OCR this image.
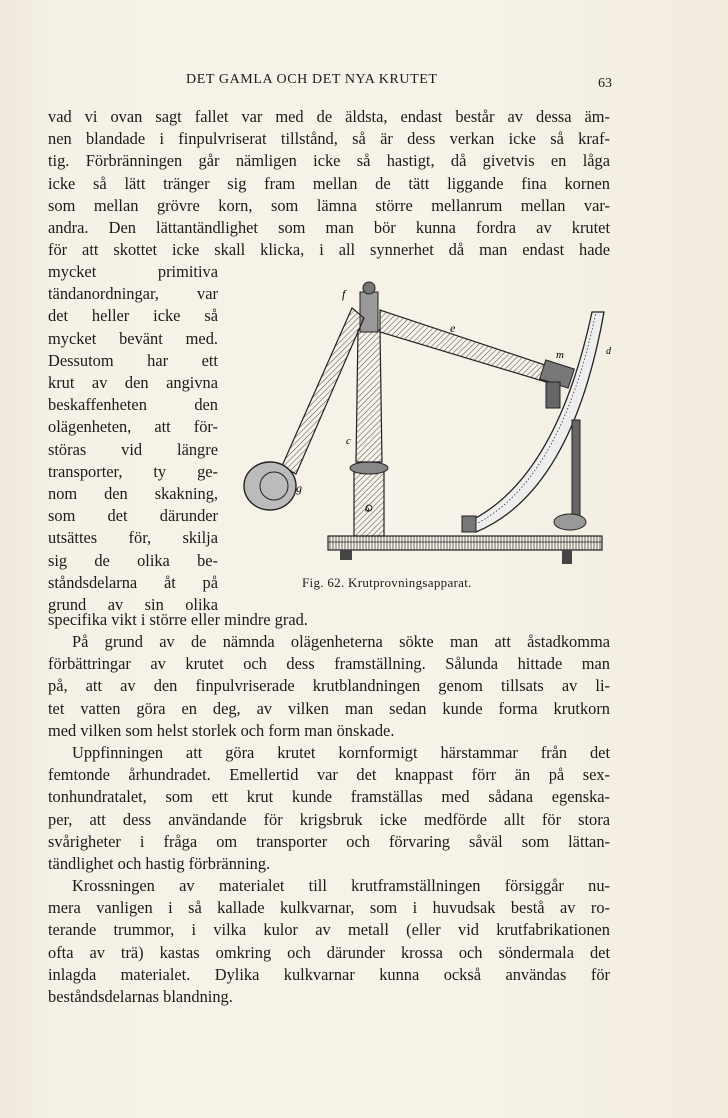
DET GAMLA OCH DET NYA KRUTET	63
vad vi ovan sagt fallet var med de äldsta, endast består av dessa äm-
nen blandade i finpulvriserat tillstånd, så är dess verkan icke så kraf-
tig. Förbränningen går nämligen icke så hastigt, då givetvis en låga
icke så lätt tränger sig fram mellan de tätt liggande fina kornen
som mellan grövre korn, som lämna större mellanrum mellan var-
andra. Den lättantändlighet som man bör kunna fordra av krutet
för att skottet icke skall klicka, i all synnerhet då man endast hade
mycket primitiva
tändanordningar, var
det heller icke så
mycket bevänt med.
Dessutom har ett
krut av den angivna
beskaffenheten den
olägenheten, att för-
störas vid längre
transporter, ty ge-
nom den skakning,
som det därunder
utsättes för, skilja
sig de olika be-
ståndsdelarna åt på
grund av sin olika
specifika vikt i större eller mindre grad.
På grund av de nämnda olägenheterna sökte man att åstadkomma
förbättringar av krutet och dess framställning. Sålunda hittade man
på, att av den finpulvriserade krutblandningen genom tillsats av li-
tet vatten göra en deg, av vilken man sedan kunde forma krutkorn
med vilken som helst storlek och form man önskade.
Uppfinningen att göra krutet kornformigt härstammar från det
femtonde århundradet. Emellertid var det knappast förr än på sex-
tonhundratalet, som ett krut kunde framställas med sådana egenska-
per, att dess användande för krigsbruk icke medförde allt för stora
svårigheter i fråga om transporter och förvaring såväl som lättan-
tändlighet och hastig förbränning.
Krossningen av materialet till krutframställningen försiggår nu-
mera vanligen i så kallade kulkvarnar, som i huvudsak bestå av ro-
terande trummor, i vilka kulor av metall (eller vid krutfabrikationen
ofta av trä) kastas omkring och därunder krossa och söndermala det
inlagda materialet. Dylika kulkvarnar kunna också användas för
beståndsdelarnas blandning.
f
e
m	d
c
g
o
Fig. 62. Krutprovningsapparat.
